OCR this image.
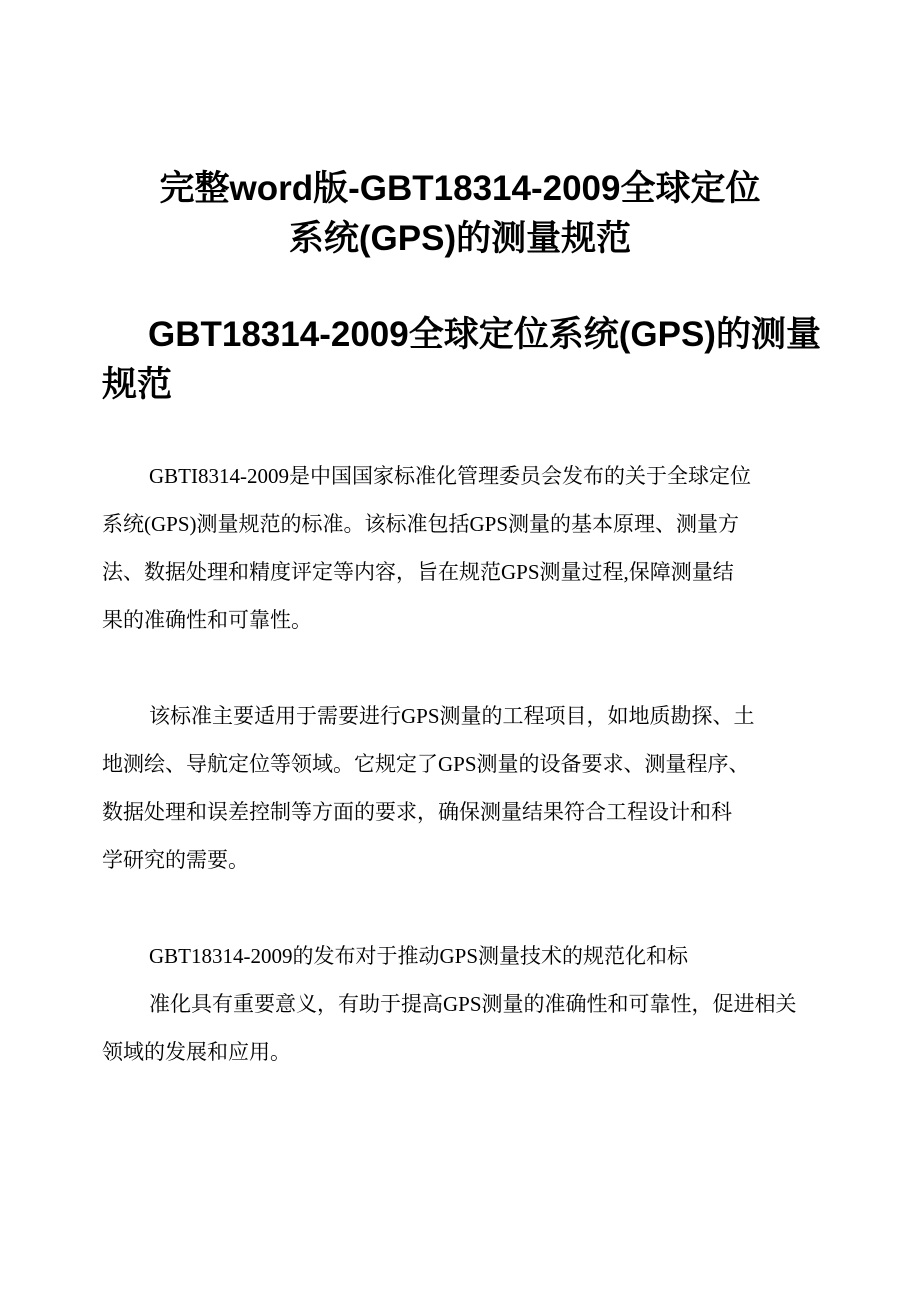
完整word版-GBT18314-2009全球定位
系统(GPS)的测量规范
GBT18314-2009全球定位系统(GPS)的测量
规范
GBTI8314-2009是中国国家标准化管理委员会发布的关于全球定位
系统(GPS)测量规范的标准。该标准包括GPS测量的基本原理、测量方
法、数据处理和精度评定等内容，旨在规范GPS测量过程,保障测量结
果的准确性和可靠性。
该标准主要适用于需要进行GPS测量的工程项目，如地质勘探、土
地测绘、导航定位等领域。它规定了GPS测量的设备要求、测量程序、
数据处理和误差控制等方面的要求，确保测量结果符合工程设计和科
学研究的需要。
GBT18314-2009的发布对于推动GPS测量技术的规范化和标
准化具有重要意义，有助于提高GPS测量的准确性和可靠性，促进相关
领域的发展和应用。
